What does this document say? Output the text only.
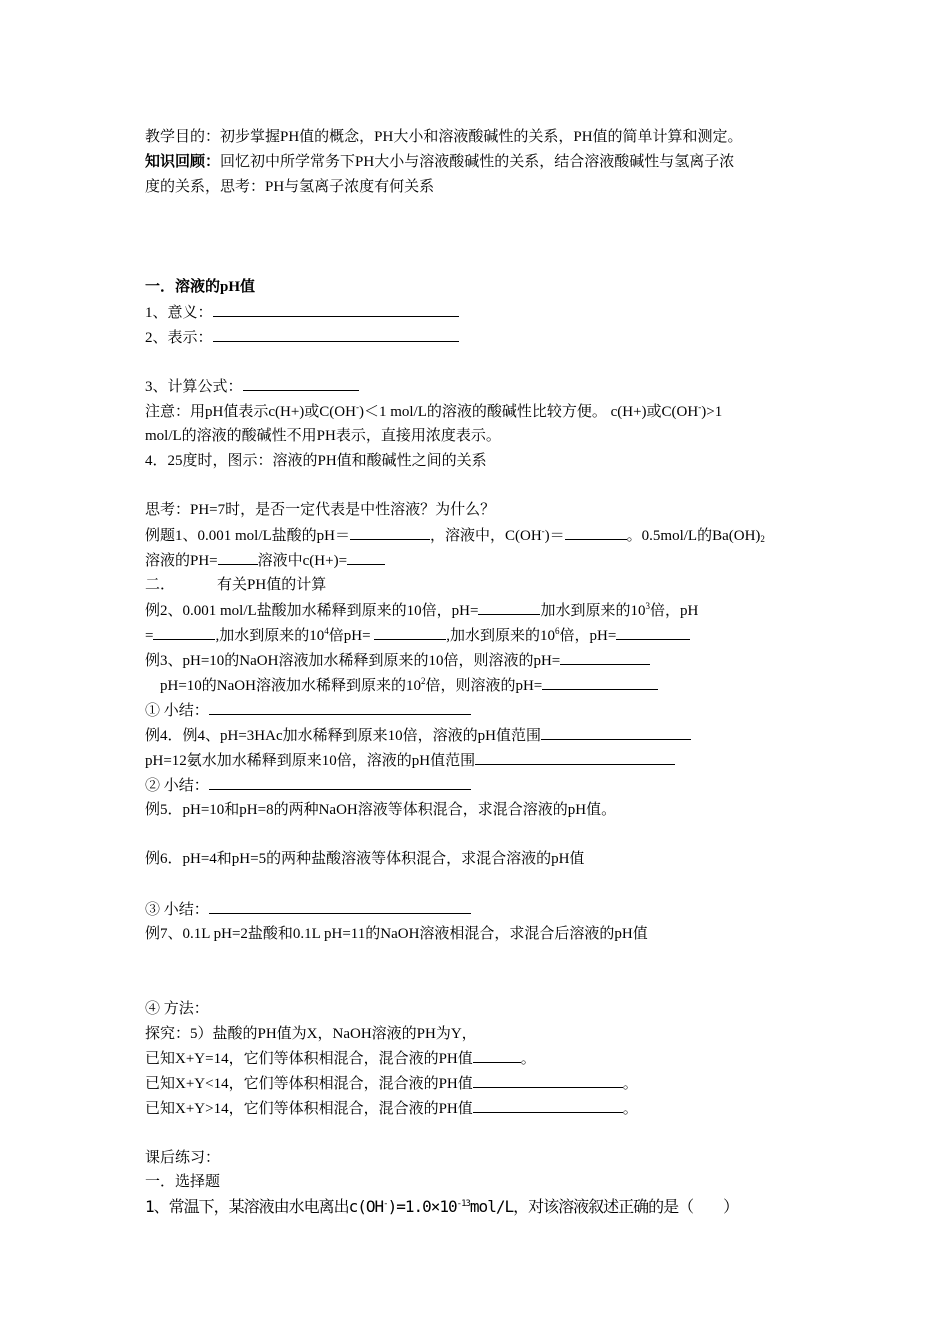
教学目的：初步掌握PH值的概念，PH大小和溶液酸碱性的关系，PH值的简单计算和测定。
知识回顾：回忆初中所学常务下PH大小与溶液酸碱性的关系，结合溶液酸碱性与氢离子浓
度的关系，思考：PH与氢离子浓度有何关系
一．溶液的pH值
1、意义：
2、表示：
3、计算公式：
注意：用pH值表示c(H+)或C(OH-)＜1 mol/L的溶液的酸碱性比较方便。 c(H+)或C(OH-)>1
mol/L的溶液的酸碱性不用PH表示，直接用浓度表示。
4．25度时，图示：溶液的PH值和酸碱性之间的关系
思考：PH=7时，是否一定代表是中性溶液？为什么？
例题1、0.001 mol/L盐酸的pH＝	，溶液中，C(OH-)＝	。0.5mol/L的$Ba(OH)_2$
溶液的PH=	溶液中c(H+)=
二．	有关PH值的计算
例2、0.001 mol/L盐酸加水稀释到原来的10倍，pH=	加水到原来的$10^3$倍，pH
=	,加水到原来的$10^4$倍pH=	,加水到原来的$10^6$倍，pH=
例3、pH=10的NaOH溶液加水稀释到原来的10倍，则溶液的pH=
pH=10的NaOH溶液加水稀释到原来的$10^2$倍，则溶液的pH=
① 小结：
例4．例4、pH=3HAc加水稀释到原来10倍，溶液的pH值范围
pH=12氨水加水稀释到原来10倍，溶液的pH值范围
② 小结：
例5．pH=10和pH=8的两种NaOH溶液等体积混合，求混合溶液的pH值。
例6．pH=4和pH=5的两种盐酸溶液等体积混合，求混合溶液的pH值
③ 小结：
例7、0.1L pH=2盐酸和0.1L pH=11的NaOH溶液相混合，求混合后溶液的pH值
④ 方法：
探究：5）盐酸的PH值为X，NaOH溶液的PH为Y，
已知X+Y=14，它们等体积相混合，混合液的PH值	。
已知X+Y<14，它们等体积相混合，混合液的PH值	。
已知X+Y>14，它们等体积相混合，混合液的PH值	。
课后练习：
一．选择题
1、常温下，某溶液由水电离出$c(OH^-)=1.0\times 10^{-13}mol/L$，对该溶液叙述正确的是（　　）
